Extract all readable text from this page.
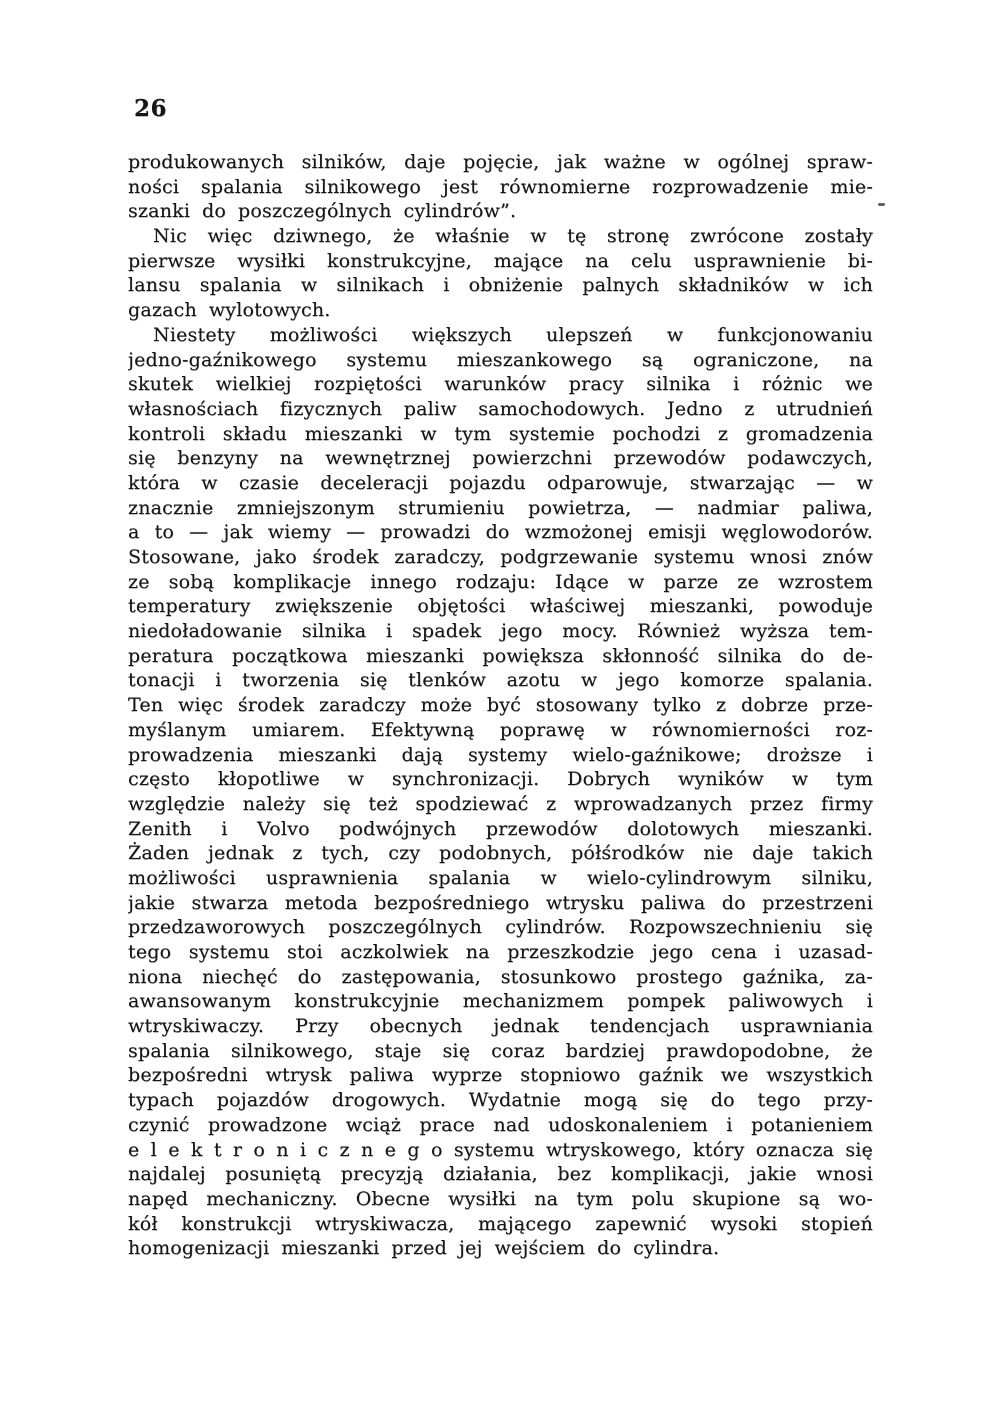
26
produkowanych silników, daje pojęcie, jak ważne w ogólnej spraw-
ności spalania silnikowego jest równomierne rozprowadzenie mie-
szanki do poszczególnych cylindrów”.
Nic więc dziwnego, że właśnie w tę stronę zwrócone zostały
pierwsze wysiłki konstrukcyjne, mające na celu usprawnienie bi-
lansu spalania w silnikach i obniżenie palnych składników w ich
gazach wylotowych.
Niestety możliwości większych ulepszeń w funkcjonowaniu
jedno-gaźnikowego systemu mieszankowego są ograniczone, na
skutek wielkiej rozpiętości warunków pracy silnika i różnic we
własnościach fizycznych paliw samochodowych. Jedno z utrudnień
kontroli składu mieszanki w tym systemie pochodzi z gromadzenia
się benzyny na wewnętrznej powierzchni przewodów podawczych,
która w czasie deceleracji pojazdu odparowuje, stwarzając — w
znacznie zmniejszonym strumieniu powietrza, — nadmiar paliwa,
a to — jak wiemy — prowadzi do wzmożonej emisji węglowodorów.
Stosowane, jako środek zaradczy, podgrzewanie systemu wnosi znów
ze sobą komplikacje innego rodzaju: Idące w parze ze wzrostem
temperatury zwiększenie objętości właściwej mieszanki, powoduje
niedoładowanie silnika i spadek jego mocy. Również wyższa tem-
peratura początkowa mieszanki powiększa skłonność silnika do de-
tonacji i tworzenia się tlenków azotu w jego komorze spalania.
Ten więc środek zaradczy może być stosowany tylko z dobrze prze-
myślanym umiarem. Efektywną poprawę w równomierności roz-
prowadzenia mieszanki dają systemy wielo-gaźnikowe; droższe i
często kłopotliwe w synchronizacji. Dobrych wyników w tym
względzie należy się też spodziewać z wprowadzanych przez firmy
Zenith i Volvo podwójnych przewodów dolotowych mieszanki.
Żaden jednak z tych, czy podobnych, półśrodków nie daje takich
możliwości usprawnienia spalania w wielo-cylindrowym silniku,
jakie stwarza metoda bezpośredniego wtrysku paliwa do przestrzeni
przedzaworowych poszczególnych cylindrów. Rozpowszechnieniu się
tego systemu stoi aczkolwiek na przeszkodzie jego cena i uzasad-
niona niechęć do zastępowania, stosunkowo prostego gaźnika, za-
awansowanym konstrukcyjnie mechanizmem pompek paliwowych i
wtryskiwaczy. Przy obecnych jednak tendencjach usprawniania
spalania silnikowego, staje się coraz bardziej prawdopodobne, że
bezpośredni wtrysk paliwa wyprze stopniowo gaźnik we wszystkich
typach pojazdów drogowych. Wydatnie mogą się do tego przy-
czynić prowadzone wciąż prace nad udoskonaleniem i potanieniem
e l e k t r o n i c z n e g o systemu wtryskowego, który oznacza się
najdalej posuniętą precyzją działania, bez komplikacji, jakie wnosi
napęd mechaniczny. Obecne wysiłki na tym polu skupione są wo-
kół konstrukcji wtryskiwacza, mającego zapewnić wysoki stopień
homogenizacji mieszanki przed jej wejściem do cylindra.
